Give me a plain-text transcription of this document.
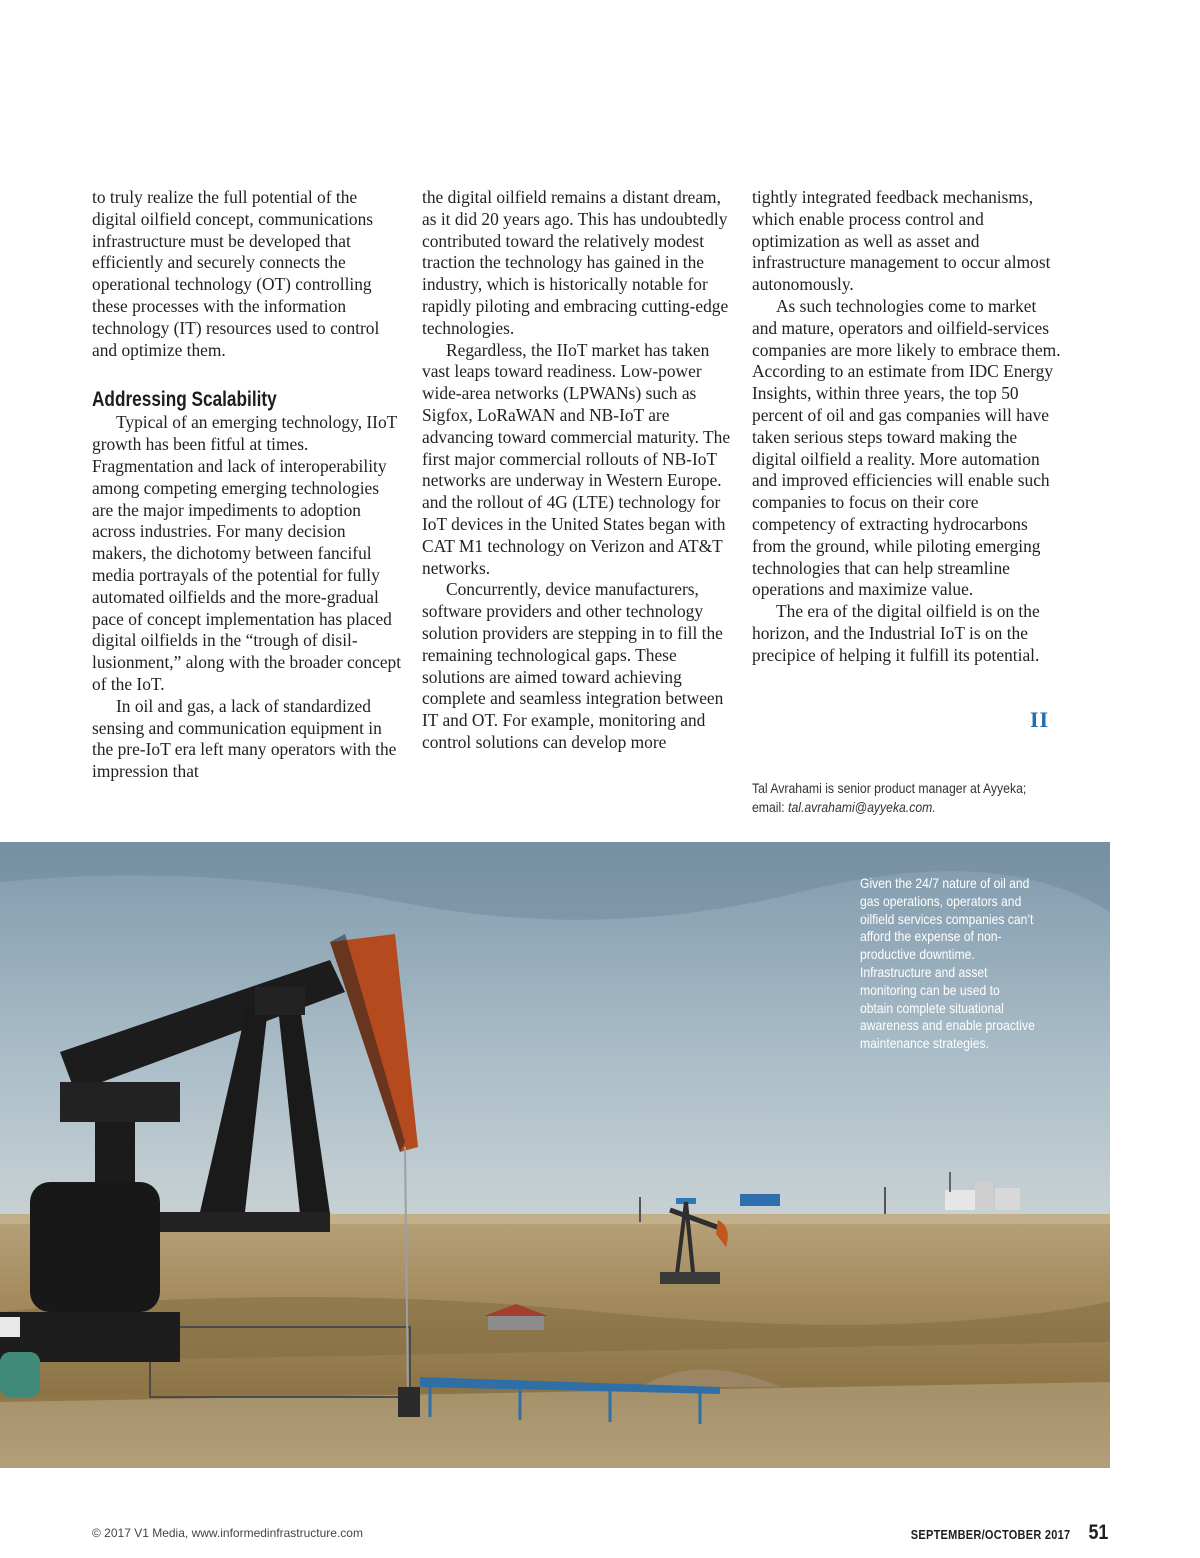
to truly realize the full potential of the digital oilfield concept, communications infrastructure must be developed that efficiently and securely connects the operational technology (OT) controlling these processes with the information technology (IT) resources used to control and optimize them.

Addressing Scalability

Typical of an emerging technology, IIoT growth has been fitful at times. Fragmentation and lack of interoperability among competing emerging technologies are the major impediments to adoption across industries. For many decision makers, the dichotomy between fanciful media portrayals of the potential for fully automated oilfields and the more-gradual pace of concept implementation has placed digital oilfields in the “trough of disillusionment,” along with the broader concept of the IoT.

In oil and gas, a lack of standardized sensing and communication equipment in the pre-IoT era left many operators with the impression that

the digital oilfield remains a distant dream, as it did 20 years ago. This has undoubtedly contributed toward the relatively modest traction the technology has gained in the industry, which is historically notable for rapidly piloting and embracing cutting-edge technologies.

Regardless, the IIoT market has taken vast leaps toward readiness. Low-power wide-area networks (LPWANs) such as Sigfox, LoRaWAN and NB-IoT are advancing toward commercial maturity. The first major commercial rollouts of NB-IoT networks are underway in Western Europe. and the rollout of 4G (LTE) technology for IoT devices in the United States began with CAT M1 technology on Verizon and AT&T networks.

Concurrently, device manufacturers, software providers and other technology solution providers are stepping in to fill the remaining technological gaps. These solutions are aimed toward achieving complete and seamless integration between IT and OT. For example, monitoring and control solutions can develop more

tightly integrated feedback mechanisms, which enable process control and optimization as well as asset and infrastructure management to occur almost autonomously.

As such technologies come to market and mature, operators and oilfield-services companies are more likely to embrace them. According to an estimate from IDC Energy Insights, within three years, the top 50 percent of oil and gas companies will have taken serious steps toward making the digital oilfield a reality. More automation and improved efficiencies will enable such companies to focus on their core competency of extracting hydrocarbons from the ground, while piloting emerging technologies that can help streamline operations and maximize value.

The era of the digital oilfield is on the horizon, and the Industrial IoT is on the precipice of helping it fulfill its potential.

II
Tal Avrahami is senior product manager at Ayyeka; email: tal.avrahami@ayyeka.com.
Given the 24/7 nature of oil and gas operations, operators and oilfield services companies can’t afford the expense of non-productive downtime. Infrastructure and asset monitoring can be used to obtain complete situational awareness and enable proactive maintenance strategies.
© 2017 V1 Media, www.informedinfrastructure.com	SEPTEMBER/OCTOBER 2017 51
